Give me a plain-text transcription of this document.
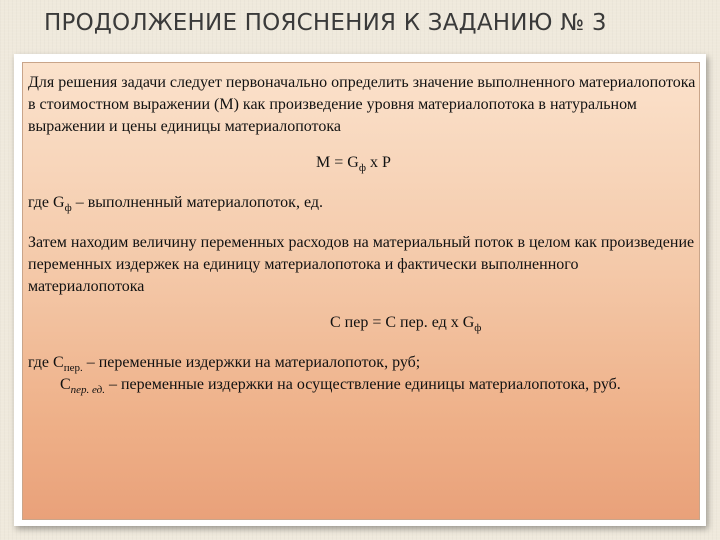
ПРОДОЛЖЕНИЕ ПОЯСНЕНИЯ К ЗАДАНИЮ № 3

Для решения задачи следует первоначально определить значение выполненного материалопотока в стоимостном выражении (М) как произведение уровня материалопотока в натуральном выражении и цены единицы материалопотока

$M = G_ф$ x P

где $G_ф$ – выполненный материалопоток, ед.

Затем находим величину переменных расходов на материальный поток в целом как произведение переменных издержек на единицу материалопотока и фактически выполненного материалопотока

C пер = C пер. ед х $G_ф$

где $С_{пер.}$ – переменные издержки на материалопоток, руб;
$С_{пер. ед.}$ – переменные издержки на осуществление единицы материалопотока, руб.
